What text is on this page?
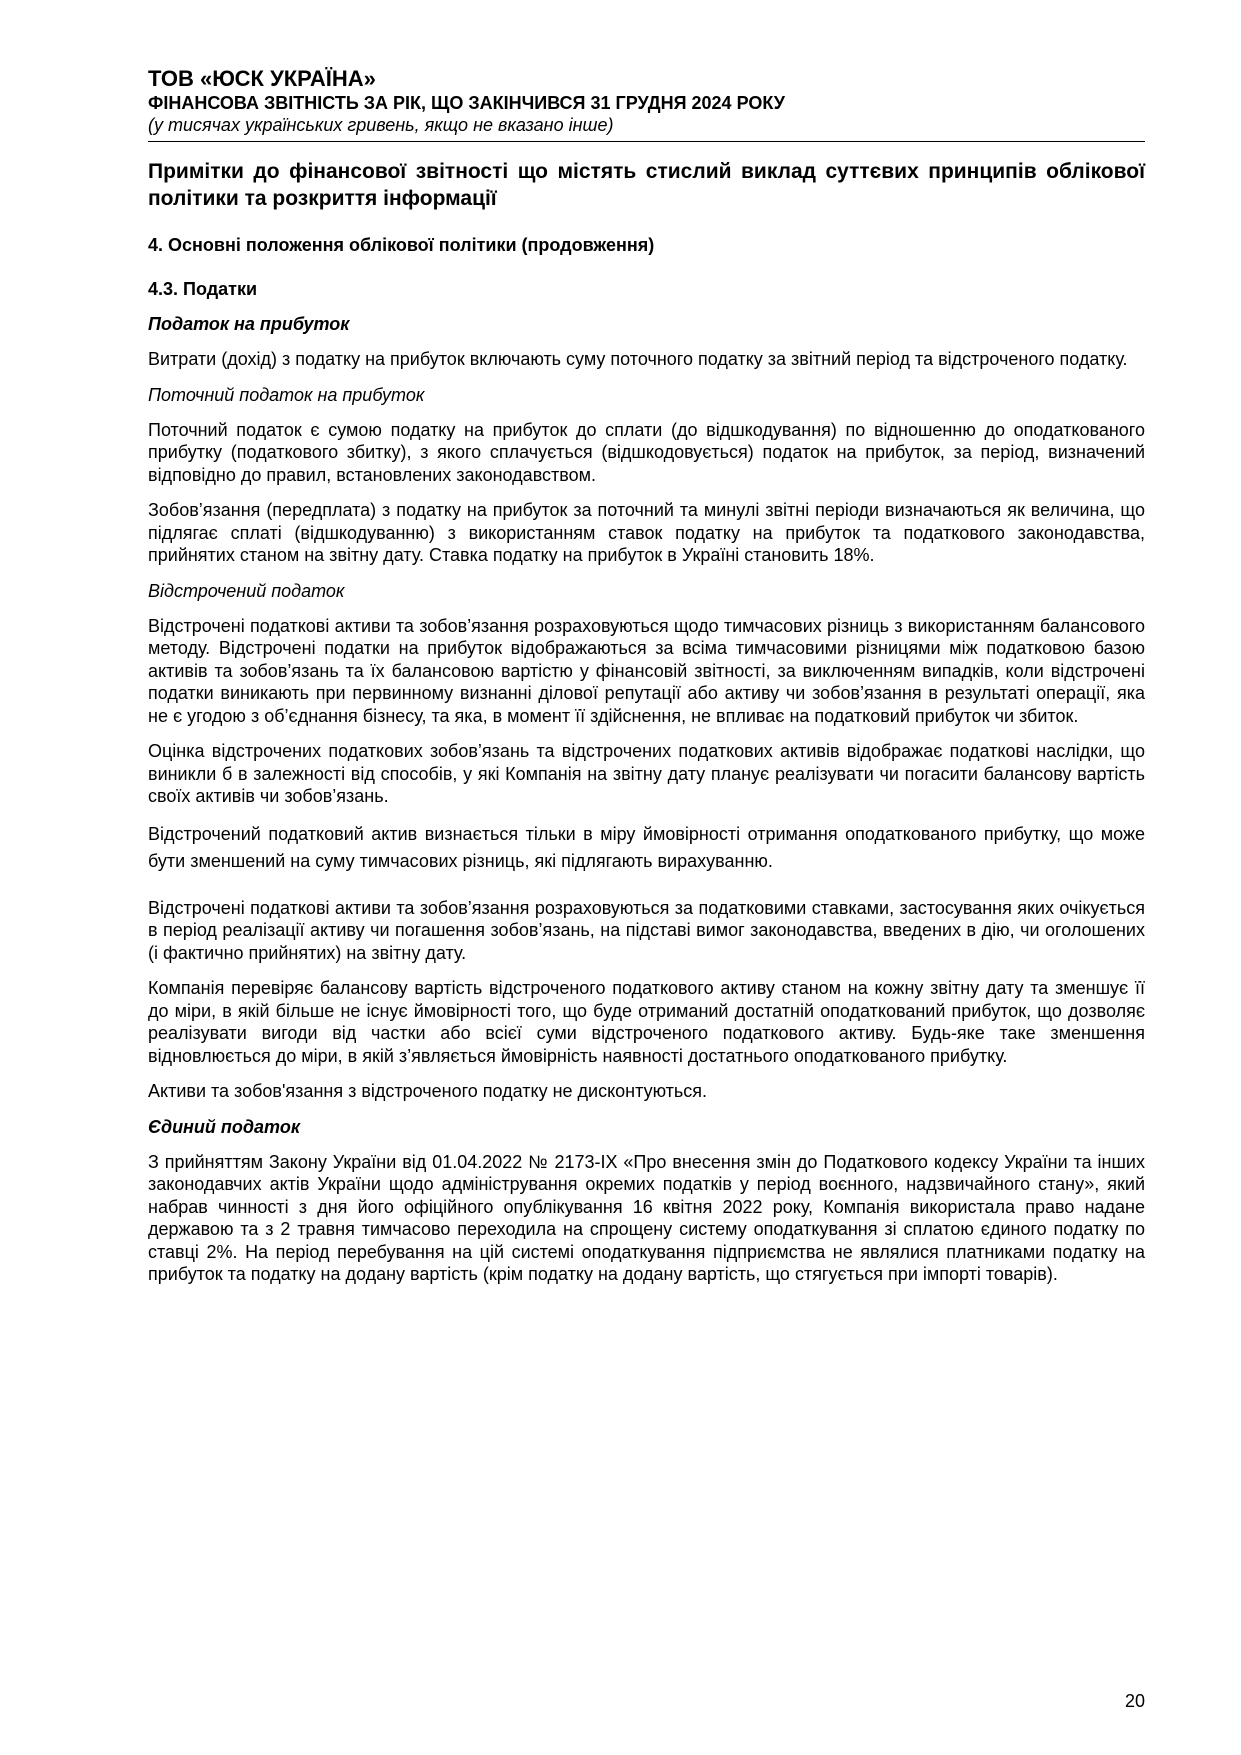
ТОВ «ЮСК УКРАЇНА»
ФІНАНСОВА ЗВІТНІСТЬ ЗА РІК, ЩО ЗАКІНЧИВСЯ 31 ГРУДНЯ 2024 РОКУ
(у тисячах українських гривень, якщо не вказано інше)
Примітки до фінансової звітності що містять стислий виклад суттєвих принципів облікової політики та розкриття інформації
4. Основні положення облікової політики (продовження)
4.3. Податки
Податок на прибуток

Витрати (дохід) з податку на прибуток включають суму поточного податку за звітний період та відстроченого податку.

Поточний податок на прибуток

Поточний податок є сумою податку на прибуток до сплати (до відшкодування) по відношенню до оподаткованого прибутку (податкового збитку), з якого сплачується (відшкодовується) податок на прибуток, за період, визначений відповідно до правил, встановлених законодавством.

Зобов’язання (передплата) з податку на прибуток за поточний та минулі звітні періоди визначаються як величина, що підлягає сплаті (відшкодуванню) з використанням ставок податку на прибуток та податкового законодавства, прийнятих станом на звітну дату. Ставка податку на прибуток в Україні становить 18%.

Відстрочений податок

Відстрочені податкові активи та зобов’язання розраховуються щодо тимчасових різниць з використанням балансового методу. Відстрочені податки на прибуток відображаються за всіма тимчасовими різницями між податковою базою активів та зобов’язань та їх балансовою вартістю у фінансовій звітності, за виключенням випадків, коли відстрочені податки виникають при первинному визнанні ділової репутації або активу чи зобов’язання в результаті операції, яка не є угодою з об’єднання бізнесу, та яка, в момент її здійснення, не впливає на податковий прибуток чи збиток.

Оцінка відстрочених податкових зобов’язань та відстрочених податкових активів відображає податкові наслідки, що виникли б в залежності від способів, у які Компанія на звітну дату планує реалізувати чи погасити балансову вартість своїх активів чи зобов’язань.

Відстрочений податковий актив визнається тільки в міру ймовірності отримання оподаткованого прибутку, що може бути зменшений на суму тимчасових різниць, які підлягають вирахуванню.

Відстрочені податкові активи та зобов’язання розраховуються за податковими ставками, застосування яких очікується в період реалізації активу чи погашення зобов’язань, на підставі вимог законодавства, введених в дію, чи оголошених (і фактично прийнятих) на звітну дату.

Компанія перевіряє балансову вартість відстроченого податкового активу станом на кожну звітну дату та зменшує її до міри, в якій більше не існує ймовірності того, що буде отриманий достатній оподаткований прибуток, що дозволяє реалізувати вигоди від частки або всієї суми відстроченого податкового активу. Будь-яке таке зменшення відновлюється до міри, в якій з’являється ймовірність наявності достатнього оподаткованого прибутку.

Активи та зобов'язання з відстроченого податку не дисконтуються.

Єдиний податок

З прийняттям Закону України від 01.04.2022 № 2173-IX «Про внесення змін до Податкового кодексу України та інших законодавчих актів України щодо адміністрування окремих податків у період воєнного, надзвичайного стану», який набрав чинності з дня його офіційного опублікування 16 квітня 2022 року, Компанія використала право надане державою та з 2 травня тимчасово переходила на спрощену систему оподаткування зі сплатою єдиного податку по ставці 2%. На період перебування на цій системі оподаткування підприємства не являлися платниками податку на прибуток та податку на додану вартість (крім податку на додану вартість, що стягується при імпорті товарів).

20
